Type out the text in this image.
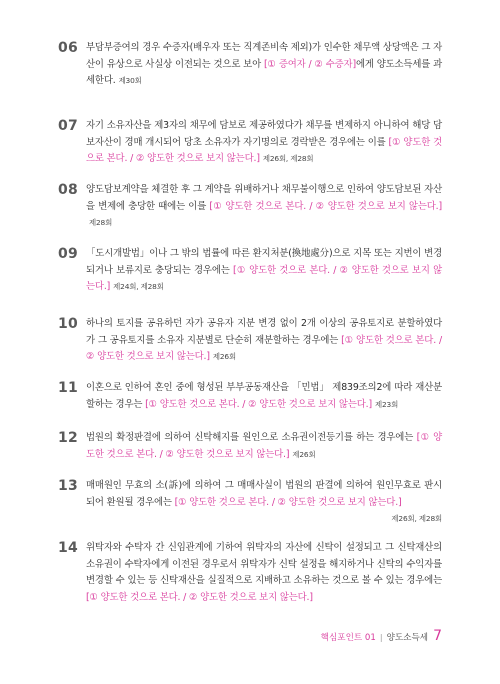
06 부담부증여의 경우 수증자(배우자 또는 직계존비속 제외)가 인수한 채무액 상당액은 그 자산이 유상으로 사실상 이전되는 것으로 보아 [① 증여자 / ② 수증자]에게 양도소득세를 과세한다. 제30회
07 자기 소유자산을 제3자의 채무에 담보로 제공하였다가 채무를 변제하지 아니하여 해당 담보자산이 경매 개시되어 당초 소유자가 자기명의로 경락받은 경우에는 이를 [① 양도한 것으로 본다. / ② 양도한 것으로 보지 않는다.] 제26회, 제28회
08 양도담보계약을 체결한 후 그 계약을 위배하거나 채무불이행으로 인하여 양도담보된 자산을 변제에 충당한 때에는 이를 [① 양도한 것으로 본다. / ② 양도한 것으로 보지 않는다.]제28회
09 「도시개발법」이나 그 밖의 법률에 따른 환지처분(換地處分)으로 지목 또는 지번이 변경되거나 보류지로 충당되는 경우에는 [① 양도한 것으로 본다. / ② 양도한 것으로 보지 않는다.] 제24회, 제28회
10 하나의 토지를 공유하던 자가 공유자 지분 변경 없이 2개 이상의 공유토지로 분할하였다가 그 공유토지를 소유자 지분별로 단순히 재분할하는 경우에는 [① 양도한 것으로 본다. / ② 양도한 것으로 보지 않는다.] 제26회
11 이혼으로 인하여 혼인 중에 형성된 부부공동재산을 「민법」 제839조의2에 따라 재산분할하는 경우는 [① 양도한 것으로 본다. / ② 양도한 것으로 보지 않는다.] 제23회
12 법원의 확정판결에 의하여 신탁해지를 원인으로 소유권이전등기를 하는 경우에는 [① 양도한 것으로 본다. / ② 양도한 것으로 보지 않는다.] 제26회
13 매매원인 무효의 소(訴)에 의하여 그 매매사실이 법원의 판결에 의하여 원인무효로 판시되어 환원될 경우에는 [① 양도한 것으로 본다. / ② 양도한 것으로 보지 않는다.]
제26회, 제28회
14 위탁자와 수탁자 간 신임관계에 기하여 위탁자의 자산에 신탁이 설정되고 그 신탁재산의 소유권이 수탁자에게 이전된 경우로서 위탁자가 신탁 설정을 해지하거나 신탁의 수익자를 변경할 수 있는 등 신탁재산을 실질적으로 지배하고 소유하는 것으로 볼 수 있는 경우에는 [① 양도한 것으로 본다. / ② 양도한 것으로 보지 않는다.]
핵심포인트 01 | 양도소득세 7
